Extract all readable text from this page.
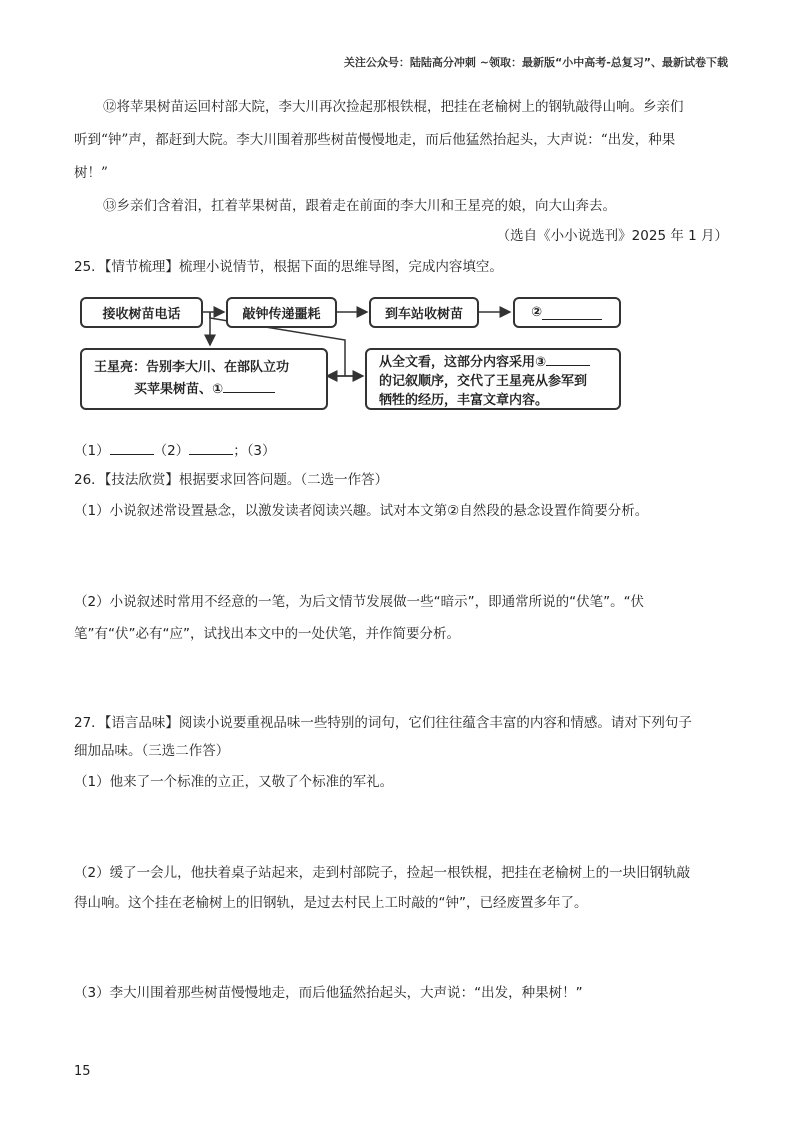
关注公众号：陆陆高分冲刺 ~领取：最新版“小中高考-总复习”、最新试卷下载
⑫将苹果树苗运回村部大院，李大川再次捡起那根铁棍，把挂在老榆树上的钢轨敲得山响。乡亲们
听到“钟”声，都赶到大院。李大川围着那些树苗慢慢地走，而后他猛然抬起头，大声说：“出发，种果
树！”
⑬乡亲们含着泪，扛着苹果树苗，跟着走在前面的李大川和王星亮的娘，向大山奔去。
（选自《小小说选刊》2025 年 1 月）
25．【情节梳理】梳理小说情节，根据下面的思维导图，完成内容填空。
接收树苗电话	敲钟传递噩耗	到车站收树苗	②
王星亮：告别李大川、在部队立功
买苹果树苗、①
从全文看，这部分内容采用③
的记叙顺序，交代了王星亮从参军到
牺牲的经历，丰富文章内容。
（1）	（2）	；（3）
26．【技法欣赏】根据要求回答问题。（二选一作答）
（1）小说叙述常设置悬念，以激发读者阅读兴趣。试对本文第②自然段的悬念设置作简要分析。
（2）小说叙述时常用不经意的一笔，为后文情节发展做一些“暗示”，即通常所说的“伏笔”。“伏
笔”有“伏”必有“应”，试找出本文中的一处伏笔，并作简要分析。
27．【语言品味】阅读小说要重视品味一些特别的词句，它们往往蕴含丰富的内容和情感。请对下列句子
细加品味。（三选二作答）
（1）他来了一个标准的立正，又敬了个标准的军礼。
（2）缓了一会儿，他扶着桌子站起来，走到村部院子，捡起一根铁棍，把挂在老榆树上的一块旧钢轨敲
得山响。这个挂在老榆树上的旧钢轨，是过去村民上工时敲的“钟”，已经废置多年了。
（3）李大川围着那些树苗慢慢地走，而后他猛然抬起头，大声说：“出发，种果树！”
15
